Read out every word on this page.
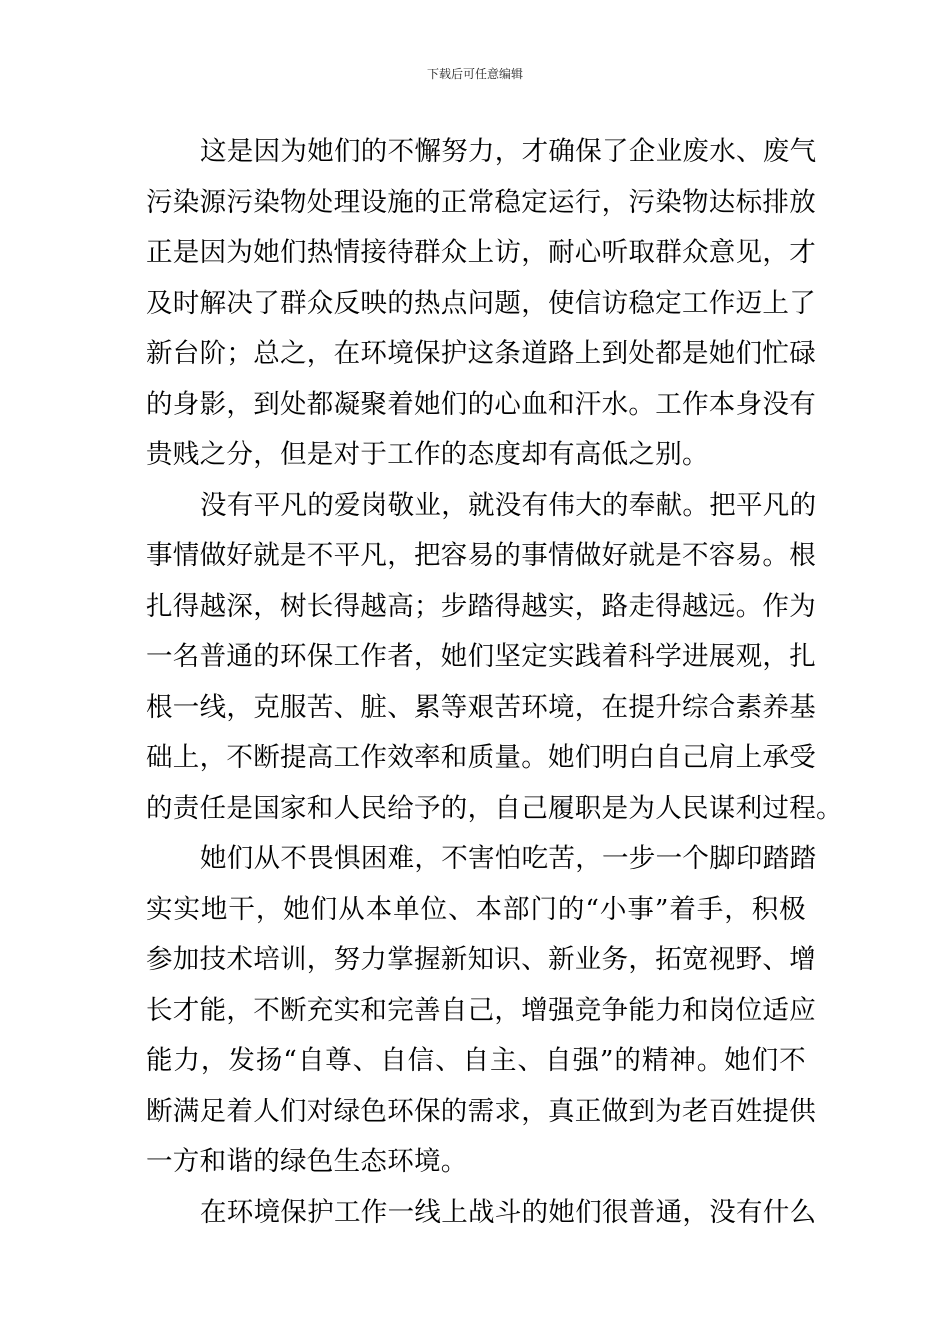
下载后可任意编辑
这是因为她们的不懈努力，才确保了企业废水、废气
污染源污染物处理设施的正常稳定运行，污染物达标排放
正是因为她们热情接待群众上访，耐心听取群众意见，才
及时解决了群众反映的热点问题，使信访稳定工作迈上了
新台阶；总之，在环境保护这条道路上到处都是她们忙碌
的身影，到处都凝聚着她们的心血和汗水。工作本身没有
贵贱之分，但是对于工作的态度却有高低之别。
没有平凡的爱岗敬业，就没有伟大的奉献。把平凡的
事情做好就是不平凡，把容易的事情做好就是不容易。根
扎得越深，树长得越高；步踏得越实，路走得越远。作为
一名普通的环保工作者，她们坚定实践着科学进展观，扎
根一线，克服苦、脏、累等艰苦环境，在提升综合素养基
础上，不断提高工作效率和质量。她们明白自己肩上承受
的责任是国家和人民给予的，自己履职是为人民谋利过程。
她们从不畏惧困难，不害怕吃苦，一步一个脚印踏踏
实实地干，她们从本单位、本部门的“小事”着手，积极
参加技术培训，努力掌握新知识、新业务，拓宽视野、增
长才能，不断充实和完善自己，增强竞争能力和岗位适应
能力，发扬“自尊、自信、自主、自强”的精神。她们不
断满足着人们对绿色环保的需求，真正做到为老百姓提供
一方和谐的绿色生态环境。
在环境保护工作一线上战斗的她们很普通，没有什么
